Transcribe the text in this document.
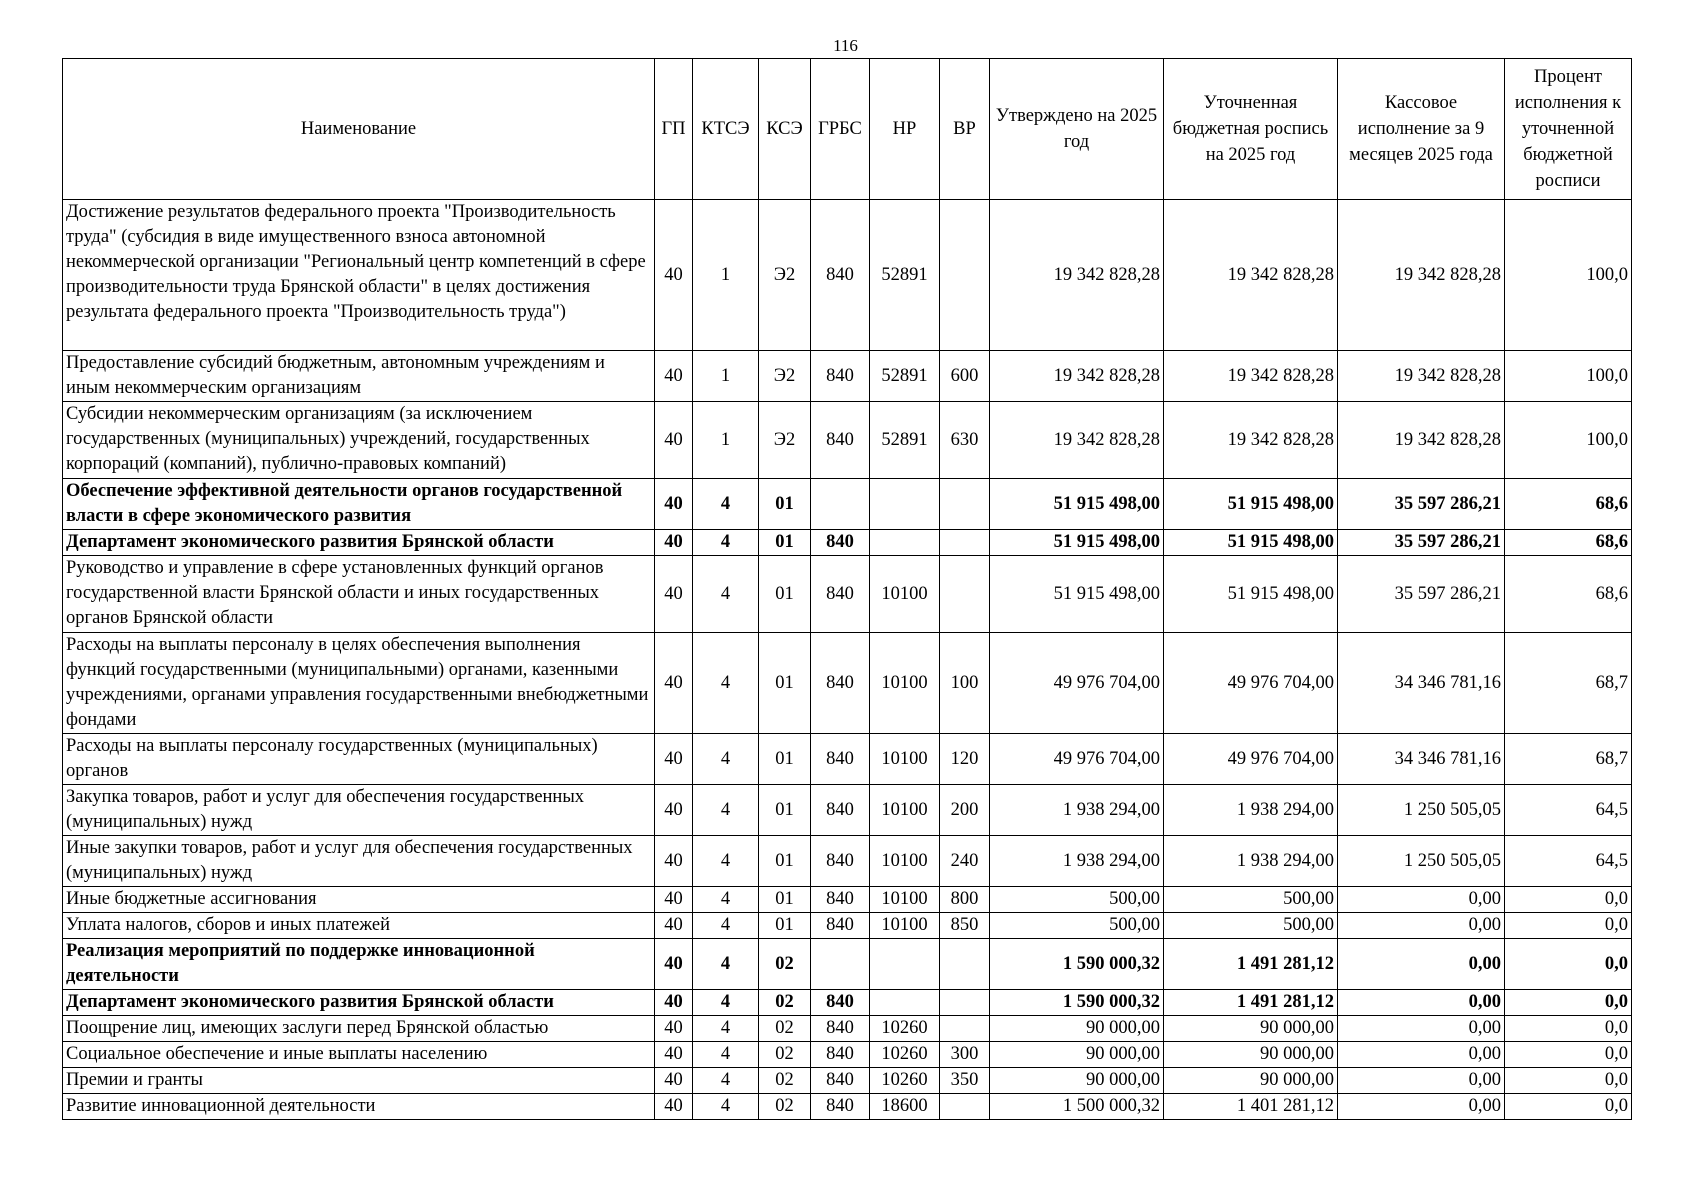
116
Наименование	ГП	КТСЭ	КСЭ	ГРБС	НР	ВР	Утверждено на 2025 год	Уточненная бюджетная роспись на 2025 год	Кассовое исполнение за 9 месяцев 2025 года	Процент исполнения к уточненной бюджетной росписи
Достижение результатов федерального проекта "Производительность труда" (субсидия в виде имущественного взноса автономной некоммерческой организации "Региональный центр компетенций в сфере производительности труда Брянской области" в целях достижения результата федерального проекта "Производительность труда")	40	1	Э2	840	52891		19 342 828,28	19 342 828,28	19 342 828,28	100,0
Предоставление субсидий бюджетным, автономным учреждениям и иным некоммерческим организациям	40	1	Э2	840	52891	600	19 342 828,28	19 342 828,28	19 342 828,28	100,0
Субсидии некоммерческим организациям (за исключением государственных (муниципальных) учреждений, государственных корпораций (компаний), публично-правовых компаний)	40	1	Э2	840	52891	630	19 342 828,28	19 342 828,28	19 342 828,28	100,0
Обеспечение эффективной деятельности органов государственной власти в сфере экономического развития	40	4	01				51 915 498,00	51 915 498,00	35 597 286,21	68,6
Департамент экономического развития Брянской области	40	4	01	840			51 915 498,00	51 915 498,00	35 597 286,21	68,6
Руководство и управление в сфере установленных функций органов государственной власти Брянской области и иных государственных органов Брянской области	40	4	01	840	10100		51 915 498,00	51 915 498,00	35 597 286,21	68,6
Расходы на выплаты персоналу в целях обеспечения выполнения функций государственными (муниципальными) органами, казенными учреждениями, органами управления государственными внебюджетными фондами	40	4	01	840	10100	100	49 976 704,00	49 976 704,00	34 346 781,16	68,7
Расходы на выплаты персоналу государственных (муниципальных) органов	40	4	01	840	10100	120	49 976 704,00	49 976 704,00	34 346 781,16	68,7
Закупка товаров, работ и услуг для обеспечения государственных (муниципальных) нужд	40	4	01	840	10100	200	1 938 294,00	1 938 294,00	1 250 505,05	64,5
Иные закупки товаров, работ и услуг для обеспечения государственных (муниципальных) нужд	40	4	01	840	10100	240	1 938 294,00	1 938 294,00	1 250 505,05	64,5
Иные бюджетные ассигнования	40	4	01	840	10100	800	500,00	500,00	0,00	0,0
Уплата налогов, сборов и иных платежей	40	4	01	840	10100	850	500,00	500,00	0,00	0,0
Реализация мероприятий по поддержке инновационной деятельности	40	4	02				1 590 000,32	1 491 281,12	0,00	0,0
Департамент экономического развития Брянской области	40	4	02	840			1 590 000,32	1 491 281,12	0,00	0,0
Поощрение лиц, имеющих заслуги перед Брянской областью	40	4	02	840	10260		90 000,00	90 000,00	0,00	0,0
Социальное обеспечение и иные выплаты населению	40	4	02	840	10260	300	90 000,00	90 000,00	0,00	0,0
Премии и гранты	40	4	02	840	10260	350	90 000,00	90 000,00	0,00	0,0
Развитие инновационной деятельности	40	4	02	840	18600		1 500 000,32	1 401 281,12	0,00	0,0
